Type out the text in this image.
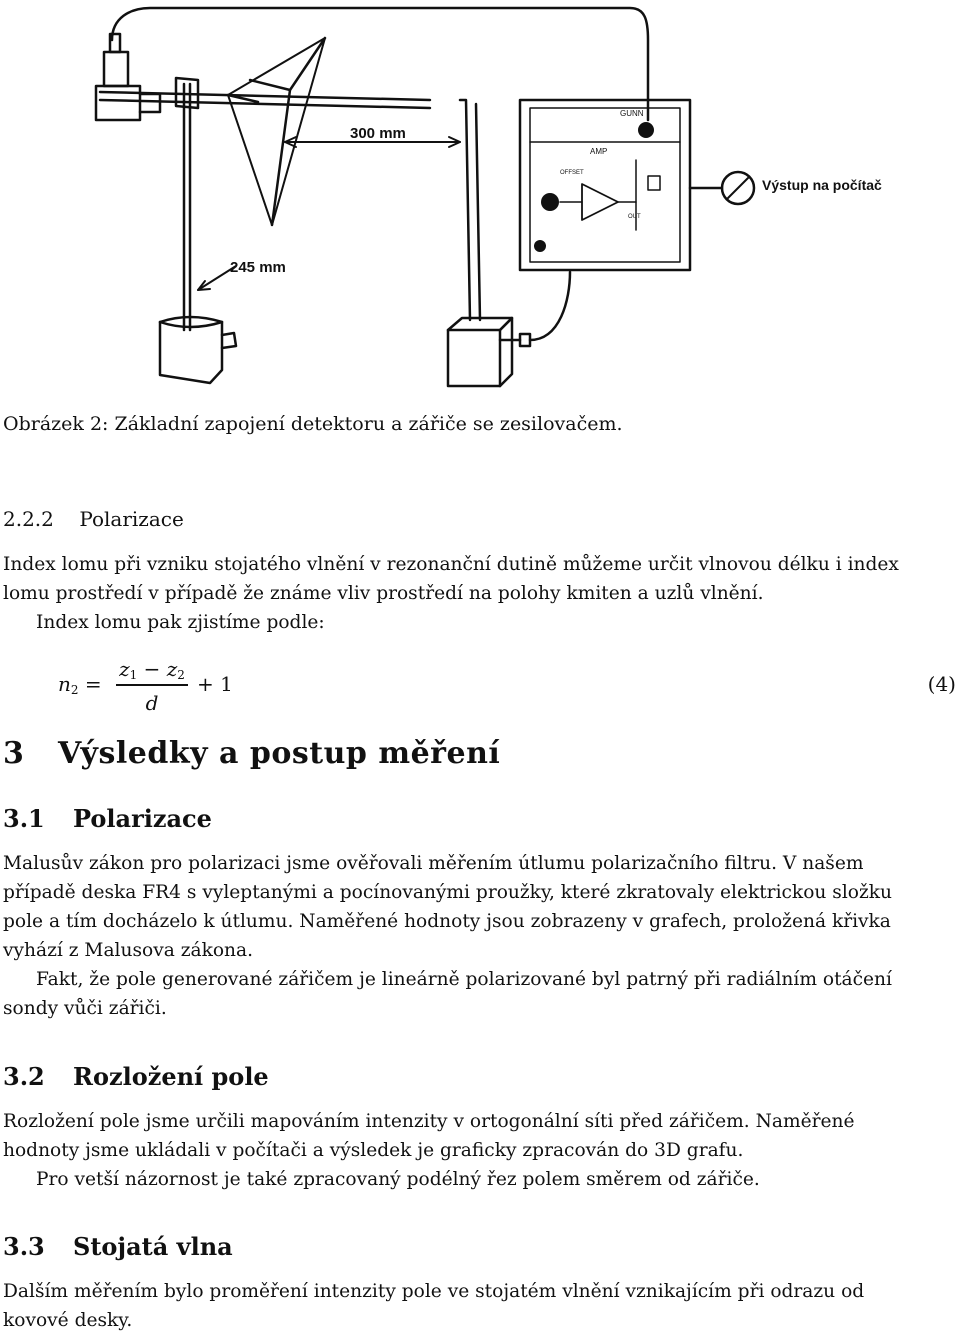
300 mm
245 mm
Výstup na počítač
GUNN
AMP
OFFSET
OUT
Obrázek 2: Základní zapojení detektoru a zářiče se zesilovačem.
2.2.2 Polarizace
Index lomu při vzniku stojatého vlnění v rezonanční dutině můžeme určit vlnovou délku i index
lomu prostředí v případě že známe vliv prostředí na polohy kmiten a uzlů vlnění.
Index lomu pak zjistíme podle:
$n_2$ =
$z_1 - z_2$
d
+ 1	(4)
3 Výsledky a postup měření
3.1 Polarizace
Malusův zákon pro polarizaci jsme ověřovali měřením útlumu polarizačního filtru. V našem
případě deska FR4 s vyleptanými a pocínovanými proužky, které zkratovaly elektrickou složku
pole a tím docházelo k útlumu. Naměřené hodnoty jsou zobrazeny v grafech, proložená křivka
vyhází z Malusova zákona.
Fakt, že pole generované zářičem je lineárně polarizované byl patrný při radiálním otáčení
sondy vůči zářiči.
3.2 Rozložení pole
Rozložení pole jsme určili mapováním intenzity v ortogonální síti před zářičem. Naměřené
hodnoty jsme ukládali v počítači a výsledek je graficky zpracován do 3D grafu.
Pro vetší názornost je také zpracovaný podélný řez polem směrem od zářiče.
3.3 Stojatá vlna
Dalším měřením bylo proměření intenzity pole ve stojatém vlnění vznikajícím při odrazu od
kovové desky.
